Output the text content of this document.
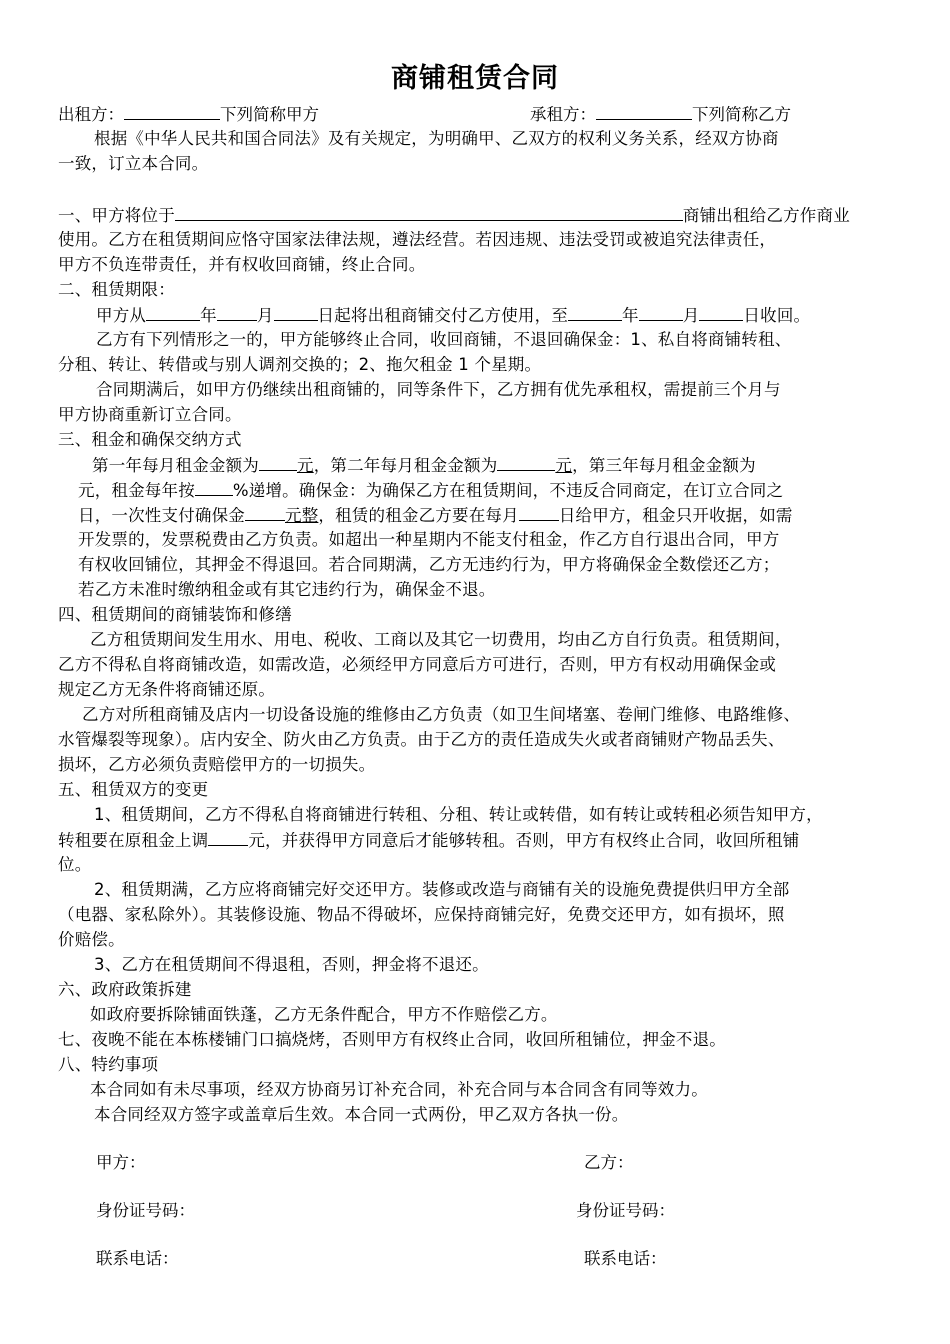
商铺租赁合同
出租方：	下列简称甲方	承租方：	下列简称乙方
根据《中华人民共和国合同法》及有关规定，为明确甲、乙双方的权利义务关系，经双方协商
一致，订立本合同。
一、甲方将位于	商铺出租给乙方作商业
使用。乙方在租赁期间应恪守国家法律法规，遵法经营。若因违规、违法受罚或被追究法律责任，
甲方不负连带责任，并有权收回商铺，终止合同。
二、租赁期限：
甲方从	年 月	日起将出租商铺交付乙方使用，至	年	月	日收回。
乙方有下列情形之一的，甲方能够终止合同，收回商铺，不退回确保金：1、私自将商铺转租、
分租、转让、转借或与别人调剂交换的；2、拖欠租金 1 个星期。
合同期满后，如甲方仍继续出租商铺的，同等条件下，乙方拥有优先承租权，需提前三个月与
甲方协商重新订立合同。
三、租金和确保交纳方式
第一年每月租金金额为 元，第二年每月租金金额为	元，第三年每月租金金额为
元，租金每年按 %递增。确保金：为确保乙方在租赁期间，不违反合同商定，在订立合同之
日，一次性支付确保金 元整，租赁的租金乙方要在每月 日给甲方，租金只开收据，如需
开发票的，发票税费由乙方负责。如超出一种星期内不能支付租金，作乙方自行退出合同，甲方
有权收回铺位，其押金不得退回。若合同期满，乙方无违约行为，甲方将确保金全数偿还乙方；
若乙方未准时缴纳租金或有其它违约行为，确保金不退。
四、租赁期间的商铺装饰和修缮
乙方租赁期间发生用水、用电、税收、工商以及其它一切费用，均由乙方自行负责。租赁期间，
乙方不得私自将商铺改造，如需改造，必须经甲方同意后方可进行，否则，甲方有权动用确保金或
规定乙方无条件将商铺还原。
乙方对所租商铺及店内一切设备设施的维修由乙方负责（如卫生间堵塞、卷闸门维修、电路维修、
水管爆裂等现象）。店内安全、防火由乙方负责。由于乙方的责任造成失火或者商铺财产物品丢失、
损坏，乙方必须负责赔偿甲方的一切损失。
五、租赁双方的变更
1、租赁期间，乙方不得私自将商铺进行转租、分租、转让或转借，如有转让或转租必须告知甲方，
转租要在原租金上调 元，并获得甲方同意后才能够转租。否则，甲方有权终止合同，收回所租铺
位。
2、租赁期满，乙方应将商铺完好交还甲方。装修或改造与商铺有关的设施免费提供归甲方全部
（电器、家私除外）。其装修设施、物品不得破坏，应保持商铺完好，免费交还甲方，如有损坏，照
价赔偿。
3、乙方在租赁期间不得退租，否则，押金将不退还。
六、政府政策拆建
如政府要拆除铺面铁蓬，乙方无条件配合，甲方不作赔偿乙方。
七、夜晚不能在本栋楼铺门口搞烧烤，否则甲方有权终止合同，收回所租铺位，押金不退。
八、特约事项
本合同如有未尽事项，经双方协商另订补充合同，补充合同与本合同含有同等效力。
本合同经双方签字或盖章后生效。本合同一式两份，甲乙双方各执一份。
甲方：	乙方：
身份证号码：	身份证号码：
联系电话：	联系电话：
